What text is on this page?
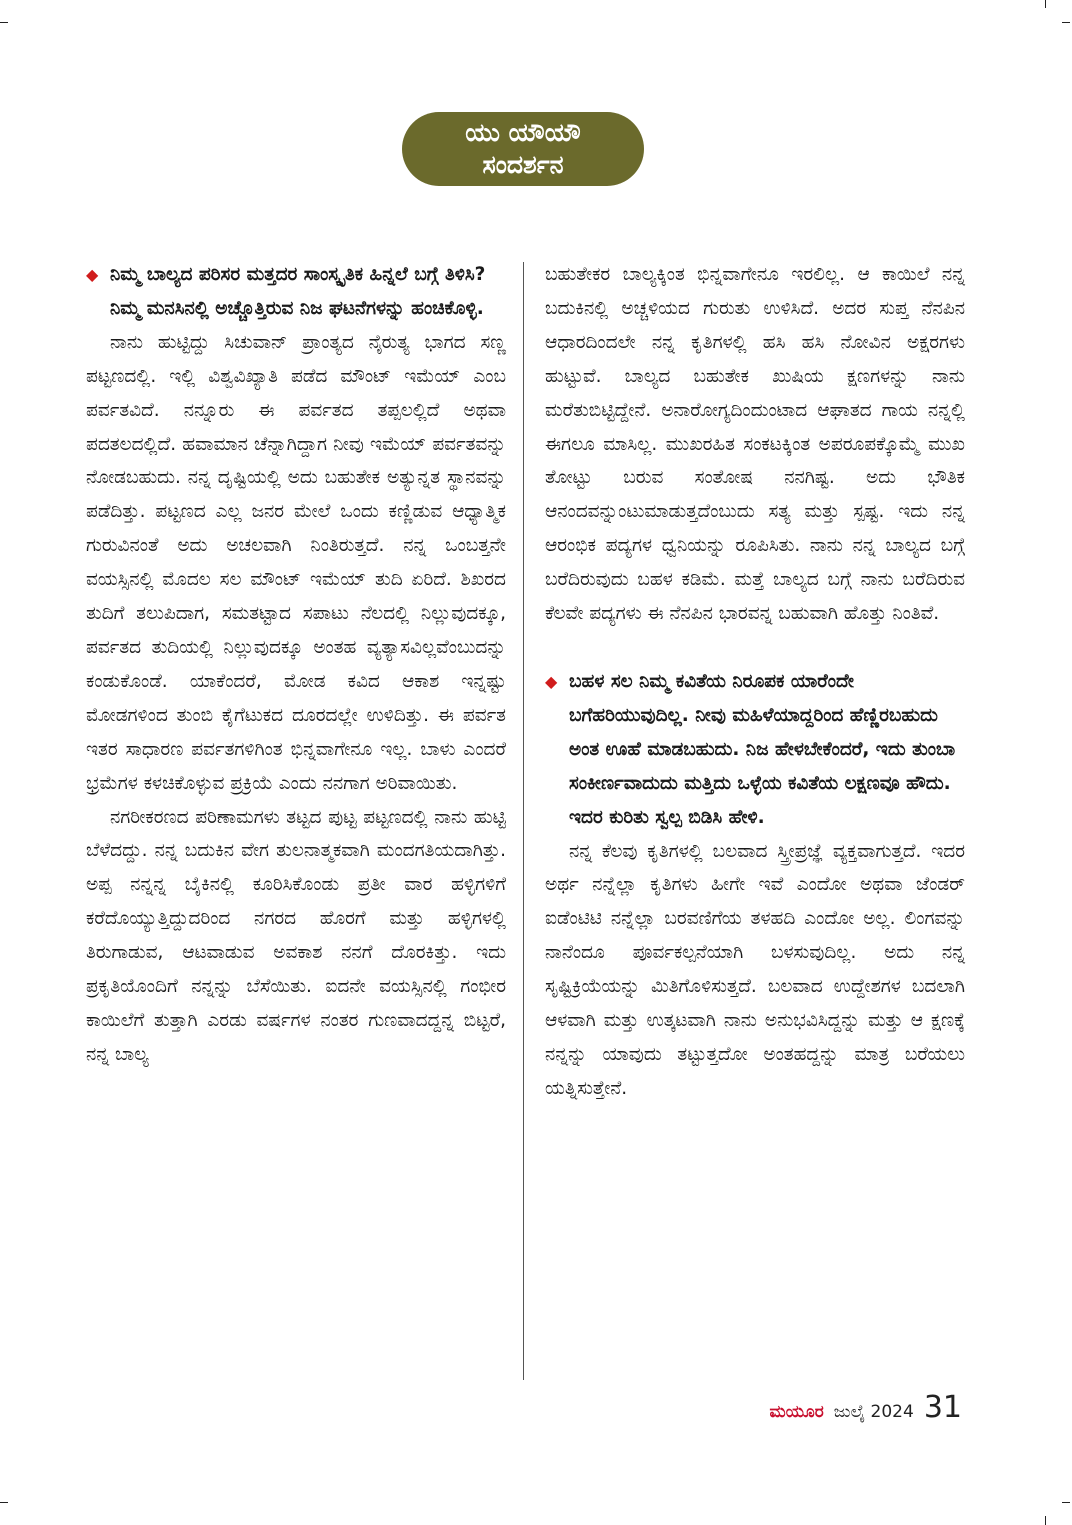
ಯು ಯೌಯೌ
ಸಂದರ್ಶನ

◆ ನಿಮ್ಮ ಬಾಲ್ಯದ ಪರಿಸರ ಮತ್ತದರ ಸಾಂಸ್ಕೃತಿಕ ಹಿನ್ನಲೆ ಬಗ್ಗೆ ತಿಳಿಸಿ? ನಿಮ್ಮ ಮನಸಿನಲ್ಲಿ ಅಚ್ಚೊತ್ತಿರುವ ನಿಜ ಘಟನೆಗಳನ್ನು ಹಂಚಿಕೊಳ್ಳಿ.

ನಾನು ಹುಟ್ಟಿದ್ದು ಸಿಚುವಾನ್ ಪ್ರಾಂತ್ಯದ ನೈರುತ್ಯ ಭಾಗದ ಸಣ್ಣ ಪಟ್ಟಣದಲ್ಲಿ. ಇಲ್ಲಿ ವಿಶ್ವವಿಖ್ಯಾತಿ ಪಡೆದ ಮೌಂಟ್ ಇಮೆಯ್ ಎಂಬ ಪರ್ವತವಿದೆ. ನನ್ನೂರು ಈ ಪರ್ವತದ ತಪ್ಪಲಲ್ಲಿದೆ ಅಥವಾ ಪದತಲದಲ್ಲಿದೆ. ಹವಾಮಾನ ಚೆನ್ನಾಗಿದ್ದಾಗ ನೀವು ಇಮೆಯ್ ಪರ್ವತವನ್ನು ನೋಡಬಹುದು. ನನ್ನ ದೃಷ್ಟಿಯಲ್ಲಿ ಅದು ಬಹುತೇಕ ಅತ್ಯುನ್ನತ ಸ್ಥಾನವನ್ನು ಪಡೆದಿತ್ತು. ಪಟ್ಟಣದ ಎಲ್ಲ ಜನರ ಮೇಲೆ ಒಂದು ಕಣ್ಣಿಡುವ ಆಧ್ಯಾತ್ಮಿಕ ಗುರುವಿನಂತೆ ಅದು ಅಚಲವಾಗಿ ನಿಂತಿರುತ್ತದೆ. ನನ್ನ ಒಂಬತ್ತನೇ ವಯಸ್ಸಿನಲ್ಲಿ ಮೊದಲ ಸಲ ಮೌಂಟ್ ಇಮೆಯ್ ತುದಿ ಏರಿದೆ. ಶಿಖರದ ತುದಿಗೆ ತಲುಪಿದಾಗ, ಸಮತಟ್ಟಾದ ಸಪಾಟು ನೆಲದಲ್ಲಿ ನಿಲ್ಲುವುದಕ್ಕೂ, ಪರ್ವತದ ತುದಿಯಲ್ಲಿ ನಿಲ್ಲುವುದಕ್ಕೂ ಅಂತಹ ವ್ಯತ್ಯಾಸವಿಲ್ಲವೆಂಬುದನ್ನು ಕಂಡುಕೊಂಡೆ. ಯಾಕೆಂದರೆ, ಮೋಡ ಕವಿದ ಆಕಾಶ ಇನ್ನಷ್ಟು ಮೋಡಗಳಿಂದ ತುಂಬಿ ಕೈಗೆಟುಕದ ದೂರದಲ್ಲೇ ಉಳಿದಿತ್ತು. ಈ ಪರ್ವತ ಇತರ ಸಾಧಾರಣ ಪರ್ವತಗಳಿಗಿಂತ ಭಿನ್ನವಾಗೇನೂ ಇಲ್ಲ. ಬಾಳು ಎಂದರೆ ಭ್ರಮೆಗಳ ಕಳಚಿಕೊಳ್ಳುವ ಪ್ರಕ್ರಿಯೆ ಎಂದು ನನಗಾಗ ಅರಿವಾಯಿತು.

ನಗರೀಕರಣದ ಪರಿಣಾಮಗಳು ತಟ್ಟದ ಪುಟ್ಟ ಪಟ್ಟಣದಲ್ಲಿ ನಾನು ಹುಟ್ಟಿ ಬೆಳೆದದ್ದು. ನನ್ನ ಬದುಕಿನ ವೇಗ ತುಲನಾತ್ಮಕವಾಗಿ ಮಂದಗತಿಯದಾಗಿತ್ತು. ಅಪ್ಪ ನನ್ನನ್ನ ಬೈಕಿನಲ್ಲಿ ಕೂರಿಸಿಕೊಂಡು ಪ್ರತೀ ವಾರ ಹಳ್ಳಿಗಳಿಗೆ ಕರೆದೊಯ್ಯುತ್ತಿದ್ದುದರಿಂದ ನಗರದ ಹೊರಗೆ ಮತ್ತು ಹಳ್ಳಿಗಳಲ್ಲಿ ತಿರುಗಾಡುವ, ಆಟವಾಡುವ ಅವಕಾಶ ನನಗೆ ದೊರಕಿತ್ತು. ಇದು ಪ್ರಕೃತಿಯೊಂದಿಗೆ ನನ್ನನ್ನು ಬೆಸೆಯಿತು. ಐದನೇ ವಯಸ್ಸಿನಲ್ಲಿ ಗಂಭೀರ ಕಾಯಿಲೆಗೆ ತುತ್ತಾಗಿ ಎರಡು ವರ್ಷಗಳ ನಂತರ ಗುಣವಾದದ್ದನ್ನ ಬಿಟ್ಟರೆ, ನನ್ನ ಬಾಲ್ಯ

ಬಹುತೇಕರ ಬಾಲ್ಯಕ್ಕಿಂತ ಭಿನ್ನವಾಗೇನೂ ಇರಲಿಲ್ಲ. ಆ ಕಾಯಿಲೆ ನನ್ನ ಬದುಕಿನಲ್ಲಿ ಅಚ್ಚಳಿಯದ ಗುರುತು ಉಳಿಸಿದೆ. ಅದರ ಸುಪ್ತ ನೆನಪಿನ ಆಧಾರದಿಂದಲೇ ನನ್ನ ಕೃತಿಗಳಲ್ಲಿ ಹಸಿ ಹಸಿ ನೋವಿನ ಅಕ್ಷರಗಳು ಹುಟ್ಟುವೆ. ಬಾಲ್ಯದ ಬಹುತೇಕ ಖುಷಿಯ ಕ್ಷಣಗಳನ್ನು ನಾನು ಮರೆತುಬಿಟ್ಟಿದ್ದೇನೆ. ಅನಾರೋಗ್ಯದಿಂದುಂಟಾದ ಆಘಾತದ ಗಾಯ ನನ್ನಲ್ಲಿ ಈಗಲೂ ಮಾಸಿಲ್ಲ. ಮುಖರಹಿತ ಸಂಕಟಕ್ಕಿಂತ ಅಪರೂಪಕ್ಕೊಮ್ಮೆ ಮುಖ ತೋಟ್ಟು ಬರುವ ಸಂತೋಷ ನನಗಿಷ್ಟ. ಅದು ಭೌತಿಕ ಆನಂದವನ್ನುಂಟುಮಾಡುತ್ತದೆಂಬುದು ಸತ್ಯ ಮತ್ತು ಸ್ಪಷ್ಟ. ಇದು ನನ್ನ ಆರಂಭಿಕ ಪದ್ಯಗಳ ಧ್ವನಿಯನ್ನು ರೂಪಿಸಿತು. ನಾನು ನನ್ನ ಬಾಲ್ಯದ ಬಗ್ಗೆ ಬರೆದಿರುವುದು ಬಹಳ ಕಡಿಮೆ. ಮತ್ತೆ ಬಾಲ್ಯದ ಬಗ್ಗೆ ನಾನು ಬರೆದಿರುವ ಕೆಲವೇ ಪದ್ಯಗಳು ಈ ನೆನಪಿನ ಭಾರವನ್ನ ಬಹುವಾಗಿ ಹೊತ್ತು ನಿಂತಿವೆ.

◆ ಬಹಳ ಸಲ ನಿಮ್ಮ ಕವಿತೆಯ ನಿರೂಪಕ ಯಾರೆಂದೇ ಬಗೆಹರಿಯುವುದಿಲ್ಲ. ನೀವು ಮಹಿಳೆಯಾದ್ದರಿಂದ ಹೆಣ್ಣಿರಬಹುದು ಅಂತ ಊಹೆ ಮಾಡಬಹುದು. ನಿಜ ಹೇಳಬೇಕೆಂದರೆ, ಇದು ತುಂಬಾ ಸಂಕೀರ್ಣವಾದುದು ಮತ್ತಿದು ಒಳ್ಳೆಯ ಕವಿತೆಯ ಲಕ್ಷಣವೂ ಹೌದು. ಇದರ ಕುರಿತು ಸ್ವಲ್ಪ ಬಿಡಿಸಿ ಹೇಳಿ.

ನನ್ನ ಕೆಲವು ಕೃತಿಗಳಲ್ಲಿ ಬಲವಾದ ಸ್ತ್ರೀಪ್ರಜ್ಞೆ ವ್ಯಕ್ತವಾಗುತ್ತದೆ. ಇದರ ಅರ್ಥ ನನ್ನೆಲ್ಲಾ ಕೃತಿಗಳು ಹೀಗೇ ಇವೆ ಎಂದೋ ಅಥವಾ ಜೆಂಡರ್ ಐಡೆಂಟಿಟಿ ನನ್ನೆಲ್ಲಾ ಬರವಣಿಗೆಯ ತಳಹದಿ ಎಂದೋ ಅಲ್ಲ. ಲಿಂಗವನ್ನು ನಾನೆಂದೂ ಪೂರ್ವಕಲ್ಪನೆಯಾಗಿ ಬಳಸುವುದಿಲ್ಲ. ಅದು ನನ್ನ ಸೃಷ್ಟಿಕ್ರಿಯೆಯನ್ನು ಮಿತಿಗೊಳಿಸುತ್ತದೆ. ಬಲವಾದ ಉದ್ದೇಶಗಳ ಬದಲಾಗಿ ಆಳವಾಗಿ ಮತ್ತು ಉತ್ಕಟವಾಗಿ ನಾನು ಅನುಭವಿಸಿದ್ದನ್ನು ಮತ್ತು ಆ ಕ್ಷಣಕ್ಕೆ ನನ್ನನ್ನು ಯಾವುದು ತಟ್ಟುತ್ತದೋ ಅಂತಹದ್ದನ್ನು ಮಾತ್ರ ಬರೆಯಲು ಯತ್ನಿಸುತ್ತೇನೆ.

ಮಯೂರ ಜುಲೈ 2024 31
